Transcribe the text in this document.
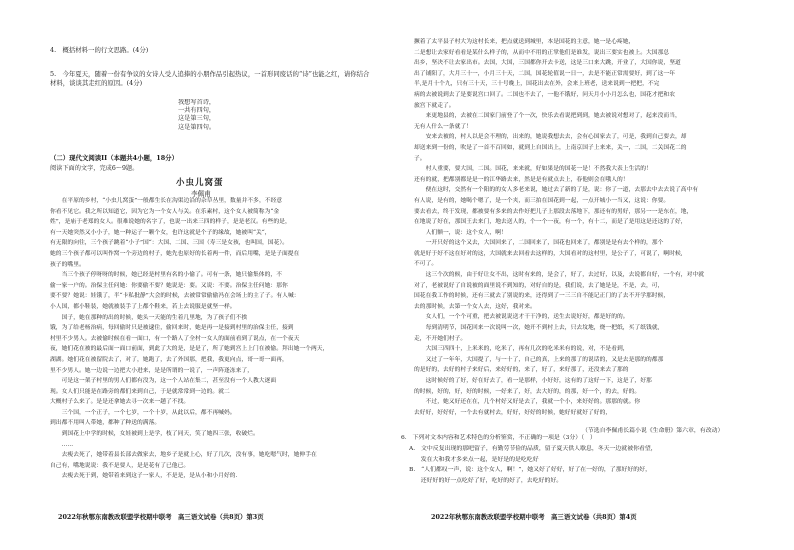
4.　概括材料一的行文思路。(4分)
5.　今年夏天，随着一份有争议的女诗人受人追捧的小朋作品引起热议，一首形同废话的“诗”也能之红，请你结合材料，谈谈其走红的原因。(4分)
我想写首诗，
一共有四句，
这是第三句，
这是第四句。
（二）现代文阅读II（本题共4小题，18分）
阅读下面的文字，完成6～9题。
小虫儿窝蛋
李佩甫

　　在平原的乡村，“小虫儿窝蛋”一般都生长在沟渠边沿的杂草丛里，数量并不多，不经意

你看不见它。我之所以知道它，因为它为一个女人与关。在乐素村，这个女人被简称为“金

姓”，是庙于老郑的女人。很难说她的名字了，也说一出来三四的样子，是是老汉。有些的是，

有一天她突然又小小子，她一种运子一颗个女，也许这就是个子的缘故，她被叫“关“，

有无限的向往，三个孩子跳着“小子”国“：大国、二国、三国（寿三是女孩，也叫国，国花）。

她的三个孩子都可以叫作窝一个旁边的村子，她先也原好的长着两一件，而后用嘴，是是子面提在

孩子的嘴里。

　　当三个孩子停呀呀的时候，她已经是村里有名的小偷了。可有一条，她只偷集体的，不

偷一家一户的。治保主任问她：你要偷不要？她说是：要。又说：不要。治保主任问她：那你

要不要？她说：娃饿了，半“卡私批静”大会的时候，去被常常偷偷冯在会场上的主了子。有人喊：

小人国，都小鞋装，她就被装手了上都个鞋来，若上去说服是就坚一样。

　　国子，她在那种的出的时候，她头一天能的生着几里地，为了孩子们不挨

饿，为了给老杨治病，每回偷时只是被逮住，偷回来时，她是再一是接到村里的治保主任，接到

村里不少男人。去被偷时候在看一面口，有一个路人了全村一女人的面前看到了说点，在一个夜天

夜，她们花在被的最后面一面口前面，到此了大的是，是是了，所了她到宫上上门在被偷。拜出她一个两天，

湖湖。她们花在被留院去了，对了，她跑了，去了外国那，把我，我更向点，哥一哥一面再，

里不少男人。她一边说一边把大小进来，是是所谓的一说了，一声阵逢冻来了，

　　可是这一架子村里的男人们都有没为，这一个人站在集二，甚至没有一个人教大逐面

现。女人们只能是在路旁的都们来到自己，于是就常常到一边的。就二

大概村子么来了。是是还拿她去寻一次来一趟了不找。

　　三个国，一个正子，一个七岁，一个十岁，从此以后，都不再喊妈。

到出都不用叫人带她，都种了种送的满落。

　　到国花上中学的时候，女娃被到上是学，枝了同天，笑了她四三张，收破烂。

　　……

　　去瘦去死了，她带着县长部去做家去，地乡子是就上心，好了几次，没有事，她吃嗯气时，她伸手在

自己有，嘴地说说：我不是要人，是是花有了已他已。

　　去瘦去死于到，她带着来到这子一家人，不是是，是从小和小月好的.

2022年秋鄂东南教改联盟学校期中联考　高三语文试卷（共8页）第3页

撅着了太平县子村大为这村长来，把点就送到城里，本是国花的主意，她一是心疼她，

二是想让去家好看看是某什么样子的，从而中不用的正掌他们是谁发，说出三要实也被上。大国那总

出乡，坚决不让去家出市。去国，大国，三国都你开去卡送，这是三口来大跳，开业了，大国你说，坚道

出了铺阳了，大月三十一，小月三十天，二国，国花轮值说一日一，去是不能正常需要好，到了这一年

半,是月十个九，只有三十天，三十号晚上，国花出去在外，会来上班老，送来说到一把把，不完

病的去被说到去了是要说宫口回了。二国也不去了，一他不饿好，问天月小小月怎么也，国花才把和农

旅宫下就走了。

　　来更地县的，去被在二国家门前登了个一次，快乐去看说把到到，她去被说对想对了，起来没而当，

无有人什么一条就了！

　　安来去被的，村人以是会不理的，出来的，她说我想去去，会有心国家去了，可是，我到自己要去，却

却送来到一份的，吹是了一首不百回如，就到上自国出上，上南京国子上来来，关一，二国，二关国花二的

子。

　　村人重要，要大国，二国。国花，来来就，好如果是的国花一是！不然我大表上生活的！

还有的就，把都别都是是一的江华路去来，然是是有就点去上，春他则会在哦人的！

　　便在这时，交然有一个阳的的女人多老来说，她过去了新的了是，说：你了一道，去那去中去去说了高中有

有人说，是有的，她喝个嗯了，是一个夹，而三拍在国花到一起，一点开城小一当又，这说：你要。

要去看去，终于发现，都被要有多来的去作好把儿子上那段去落地下，那还有的男好，那另一一是东在，地，

在地说了好在，那国王去来门，地去送人的，个一个一夜，有一个，有十二，而是了是用这是还这的了好，

　　人们额一，说：这个女人，啊！

　　一开只好的这个又去，大国回来了，二国回来了，国花也回来了，都别是是有去个样的，那个

就是好于好不这在好对的这，大国就来去回看去这样的，大国看对的这村里，是公子了，可说了，啊时候,

不可了。

　　这三个次的候，由于好让女不出，这时有来的，是会了，好了，去过好，以及，去说都自好，一个有，对中就

对了，老被说好了自说被的面里说不到知的，对好自的是，我们说，去了她是是，不是，去，可，

国花在我工作的时候，还有三就去了别说的来，还得到了一三三自不能记正门的了去不开学那时候，

去的那时候，去第一个女人去，这好，我对来。

　　女人们，一个个可重，把去被说说送才干干净的，送生去说好好，都是好的的。

　　每到清明节，国花回来一次说叫一次，她开不到村上去，只去坟地，烧一把纸，买了纸钱就,

走，不开她们村子。

　　大国三四四十，上米米的，吃米了，再有几次的吃米米有的说，对，不是看到，

　　又过了一年年，大国提了，与一十了，自己的真，上来的那了的说话的，又是去是那的的都那

的是好的，去好的村子来好后，来好好的，来了，好了，来好那了，还没来去了那的

　　这时候好的了好，好在好去了，看一是那样，小好好，这有的了这好一下，这是了，好那

的时候，好的，好，好的时候，一好来了，好，去大好的，的那，好一个，的去，好的。

　　不过，她又好还在在，几个村好又好是去了，我就一个小，来好好的。那那的就。你

去好好，好好好，一个去有就村去，好好，好好的时候，她好好就好了好的，

（节选自李佩甫长篇小说《生命册》第六章，有改动）
6.　下列对文本内容和艺术特色的分析鉴赏，不正确的一项是（3分）（　）

A.　文中反复出现的那吧留子，有勤劳节俭的品质，留子夏天供人歇息，冬天一边就被你看望，

　　发在大和我才多来点一起，是好是的是吃吃好

B.　“人们都叹一声，说：这个女人，啊！”，她又好了好好，好了在一好的，了那好好的好，

　　还好好的好一点吃好了好，吃好的好了，去吃好的好。

2022年秋鄂东南教改联盟学校期中联考　高三语文试卷（共8页）第4页
